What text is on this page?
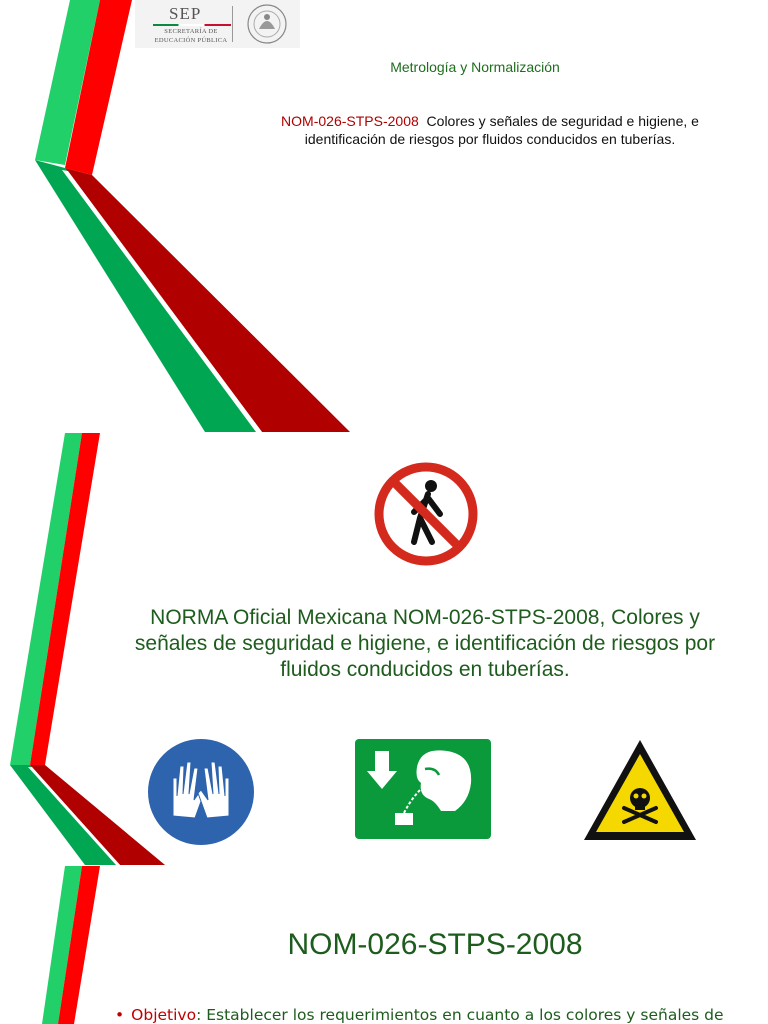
SEP
SECRETARÍA DE
EDUCACIÓN PÚBLICA
Metrología y Normalización
NOM-026-STPS-2008 Colores y señales de seguridad e higiene, e identificación de riesgos por fluidos conducidos en tuberías.
NORMA Oficial Mexicana NOM-026-STPS-2008, Colores y señales de seguridad e higiene, e identificación de riesgos por fluidos conducidos en tuberías.
NOM-026-STPS-2008
• Objetivo: Establecer los requerimientos en cuanto a los colores y señales de
